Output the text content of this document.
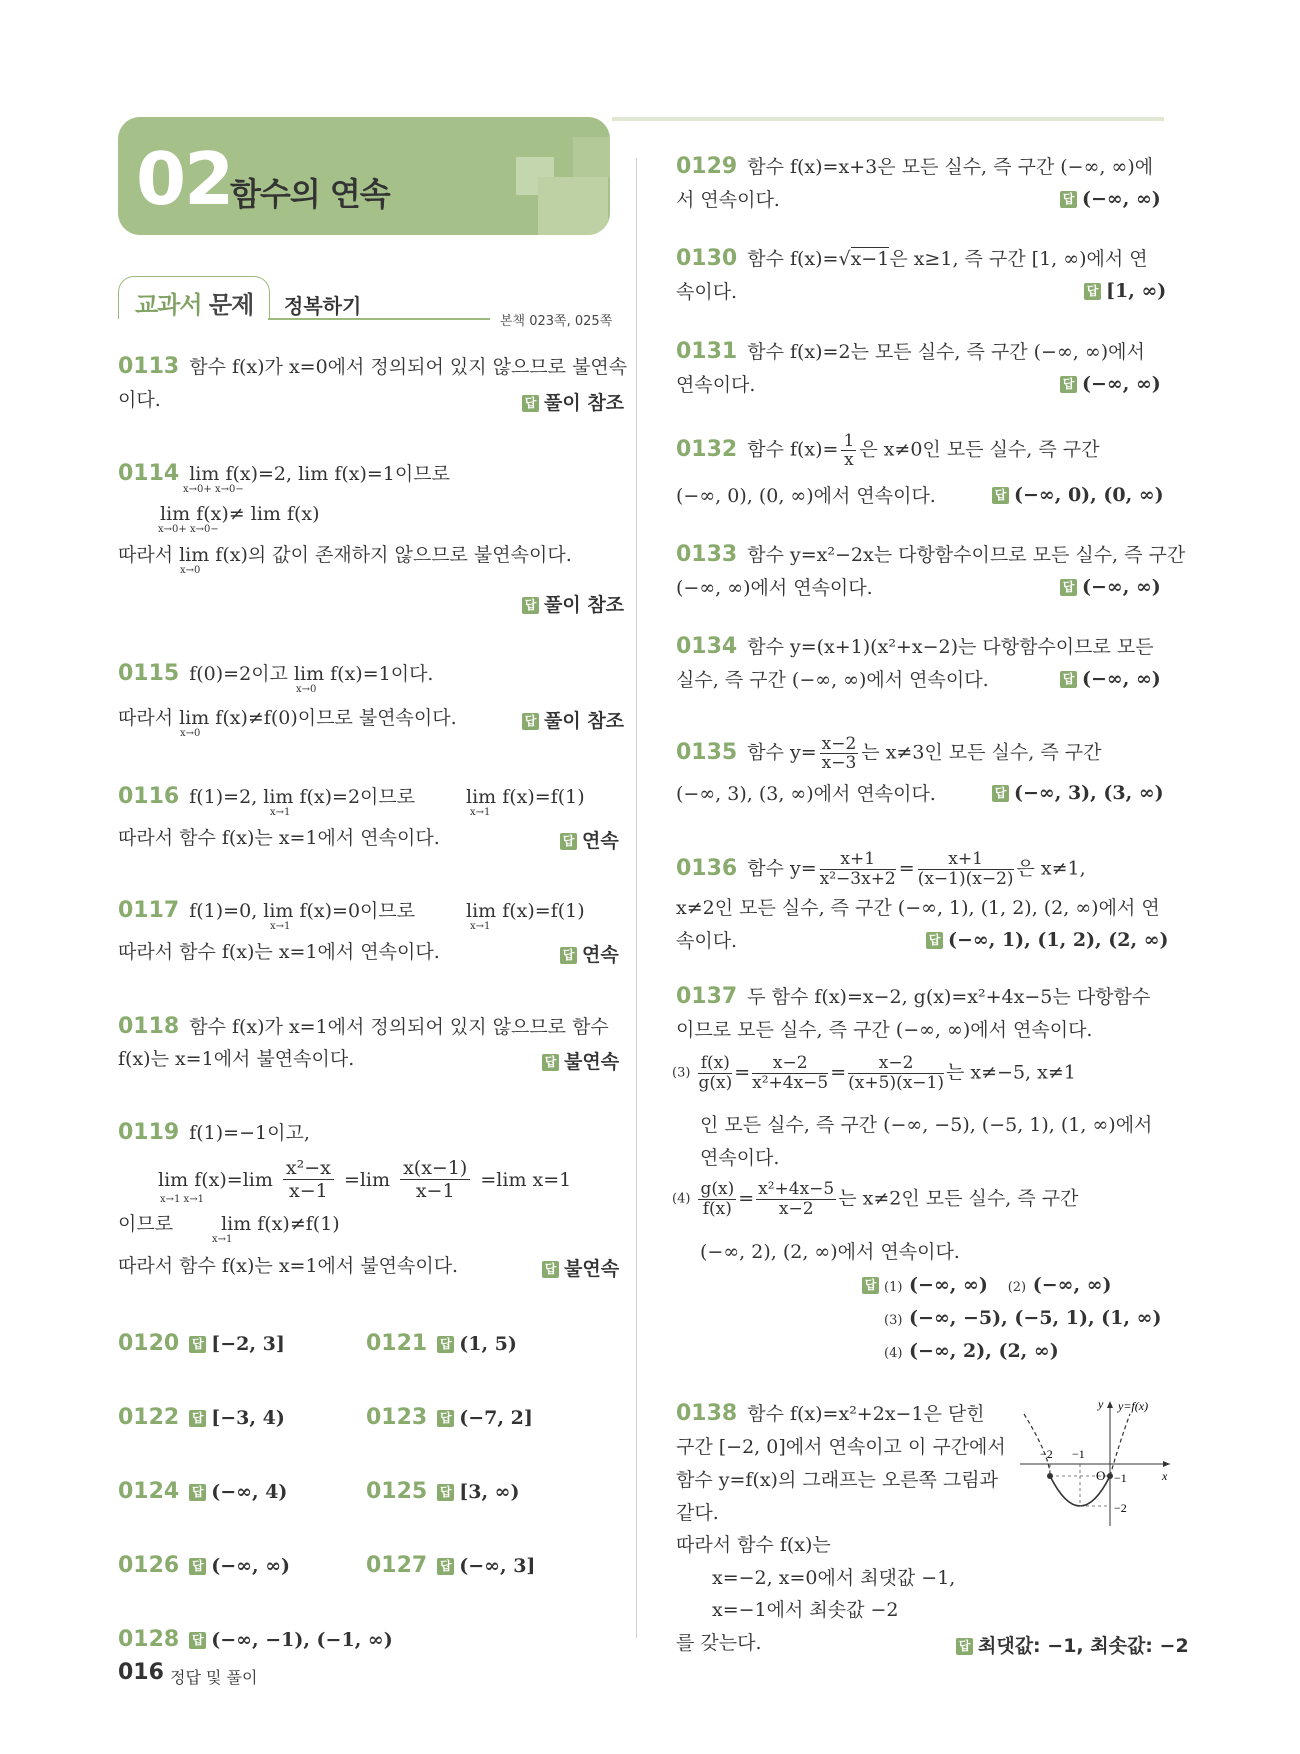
02
함수의 연속
교과서 문제 정복하기
본책 023쪽, 025쪽
0113 함수 f(x)가 x=0에서 정의되어 있지 않으므로 불연속
이다.	답 풀이 참조
0114 lim f(x)=2, lim f(x)=1이므로
x→0+ x→0−
lim f(x)≠ lim f(x)
x→0+ x→0−
따라서 lim f(x)의 값이 존재하지 않으므로 불연속이다.
x→0
답 풀이 참조
0115 f(0)=2이고 lim f(x)=1이다.
x→0
따라서 lim f(x)≠f(0)이므로 불연속이다.
x→0
답 풀이 참조
0116 f(1)=2, lim f(x)=2이므로
x→1
lim f(x)=f(1)
x→1
따라서 함수 f(x)는 x=1에서 연속이다.	답 연속
0117 f(1)=0, lim f(x)=0이므로
x→1
lim f(x)=f(1)
x→1
따라서 함수 f(x)는 x=1에서 연속이다.	답 연속
0118 함수 f(x)가 x=1에서 정의되어 있지 않으므로 함수
f(x)는 x=1에서 불연속이다.	답 불연속
0119 f(1)=−1이고,
$\lim f(x)=\lim \frac{\text{x²−x}}{x-1} =\lim \frac{x(x-1)}{x-1} =\lim$ x=1
x→1 x→1
이므로	lim f(x)≠f(1)
x→1
따라서 함수 f(x)는 x=1에서 불연속이다.	답 불연속
0120 답 [−2, 3]	0121 답 (1, 5)
0122 답 [−3, 4)	0123 답 (−7, 2]
0124 답 (−∞, 4)	0125 답 [3, ∞)
0126 답 (−∞, ∞)	0127 답 (−∞, 3]
0128 답 (−∞, −1), (−1, ∞)
0129 함수 f(x)=x+3은 모든 실수, 즉 구간 (−∞, ∞)에
서 연속이다.	답 (−∞, ∞)
0130 함수 f(x)=√x−1은 x≥1, 즉 구간 [1, ∞)에서 연
속이다.	답 [1, ∞)
0131 함수 f(x)=2는 모든 실수, 즉 구간 (−∞, ∞)에서
연속이다.	답 (−∞, ∞)
0132 함수 $f(x)= \frac{1}{x}$ 은 x≠0인 모든 실수, 즉 구간
(−∞, 0), (0, ∞)에서 연속이다.	답 (−∞, 0), (0, ∞)
0133 함수 y=x²−2x는 다항함수이므로 모든 실수, 즉 구간
(−∞, ∞)에서 연속이다.	답 (−∞, ∞)
0134 함수 y=(x+1)(x²+x−2)는 다항함수이므로 모든
실수, 즉 구간 (−∞, ∞)에서 연속이다.	답 (−∞, ∞)
0135 함수 $y= \frac{x-2}{x-3}$ 는 x≠3인 모든 실수, 즉 구간
(−∞, 3), (3, ∞)에서 연속이다.	답 (−∞, 3), (3, ∞)
0136 함수 $y= \frac{x+1}{\text{x²−3x+2}} = \frac{x+1}{(x-1)(x-2)}$ 은 x≠1,
x≠2인 모든 실수, 즉 구간 (−∞, 1), (1, 2), (2, ∞)에서 연
속이다.	답 (−∞, 1), (1, 2), (2, ∞)
0137 두 함수 f(x)=x−2, g(x)=x²+4x−5는 다항함수
이므로 모든 실수, 즉 구간 (−∞, ∞)에서 연속이다.
$(3) \frac{f(x)}{g(x)} = \frac{x-2}{\text{x²+4x−5}} = \frac{x-2}{(x+5)(x-1)}$ 는 x≠−5, x≠1
인 모든 실수, 즉 구간 (−∞, −5), (−5, 1), (1, ∞)에서
연속이다.
$(4) \frac{g(x)}{f(x)} = \frac{\text{x²+4x−5}}{x-2}$ 는 x≠2인 모든 실수, 즉 구간
(−∞, 2), (2, ∞)에서 연속이다.
답 (1) (−∞, ∞) (2) (−∞, ∞)
(3) (−∞, −5), (−5, 1), (1, ∞)
(4) (−∞, 2), (2, ∞)
0138 함수 f(x)=x²+2x−1은 닫힌
구간 [−2, 0]에서 연속이고 이 구간에서
함수 y=f(x)의 그래프는 오른쪽 그림과
같다.
따라서 함수 f(x)는
x=−2, x=0에서 최댓값 −1,
x=−1에서 최솟값 −2
를 갖는다.	답 최댓값: −1, 최솟값: −2
y y=f(x)
x
O
−2 −1
−1
−2
016 정답 및 풀이
